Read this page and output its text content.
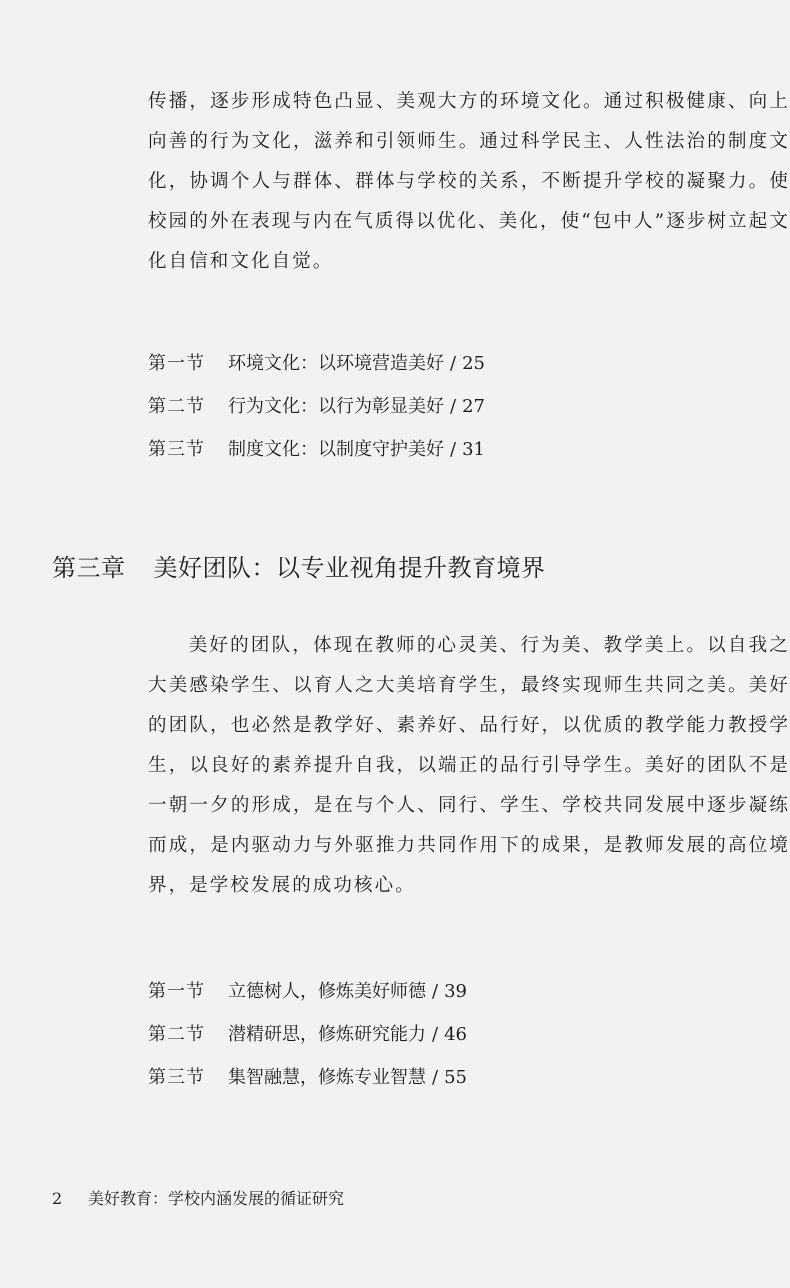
传播，逐步形成特色凸显、美观大方的环境文化。通过积极健康、向上向善的行为文化，滋养和引领师生。通过科学民主、人性法治的制度文化，协调个人与群体、群体与学校的关系，不断提升学校的凝聚力。使校园的外在表现与内在气质得以优化、美化，使“包中人”逐步树立起文化自信和文化自觉。

第一节 环境文化：以环境营造美好 / 25
第二节 行为文化：以行为彰显美好 / 27
第三节 制度文化：以制度守护美好 / 31
第三章 美好团队：以专业视角提升教育境界

美好的团队，体现在教师的心灵美、行为美、教学美上。以自我之大美感染学生、以育人之大美培育学生，最终实现师生共同之美。美好的团队，也必然是教学好、素养好、品行好，以优质的教学能力教授学生，以良好的素养提升自我，以端正的品行引导学生。美好的团队不是一朝一夕的形成，是在与个人、同行、学生、学校共同发展中逐步凝练而成，是内驱动力与外驱推力共同作用下的成果，是教师发展的高位境界，是学校发展的成功核心。

第一节 立德树人，修炼美好师德 / 39
第二节 潜精研思，修炼研究能力 / 46
第三节 集智融慧，修炼专业智慧 / 55
2 美好教育：学校内涵发展的循证研究
